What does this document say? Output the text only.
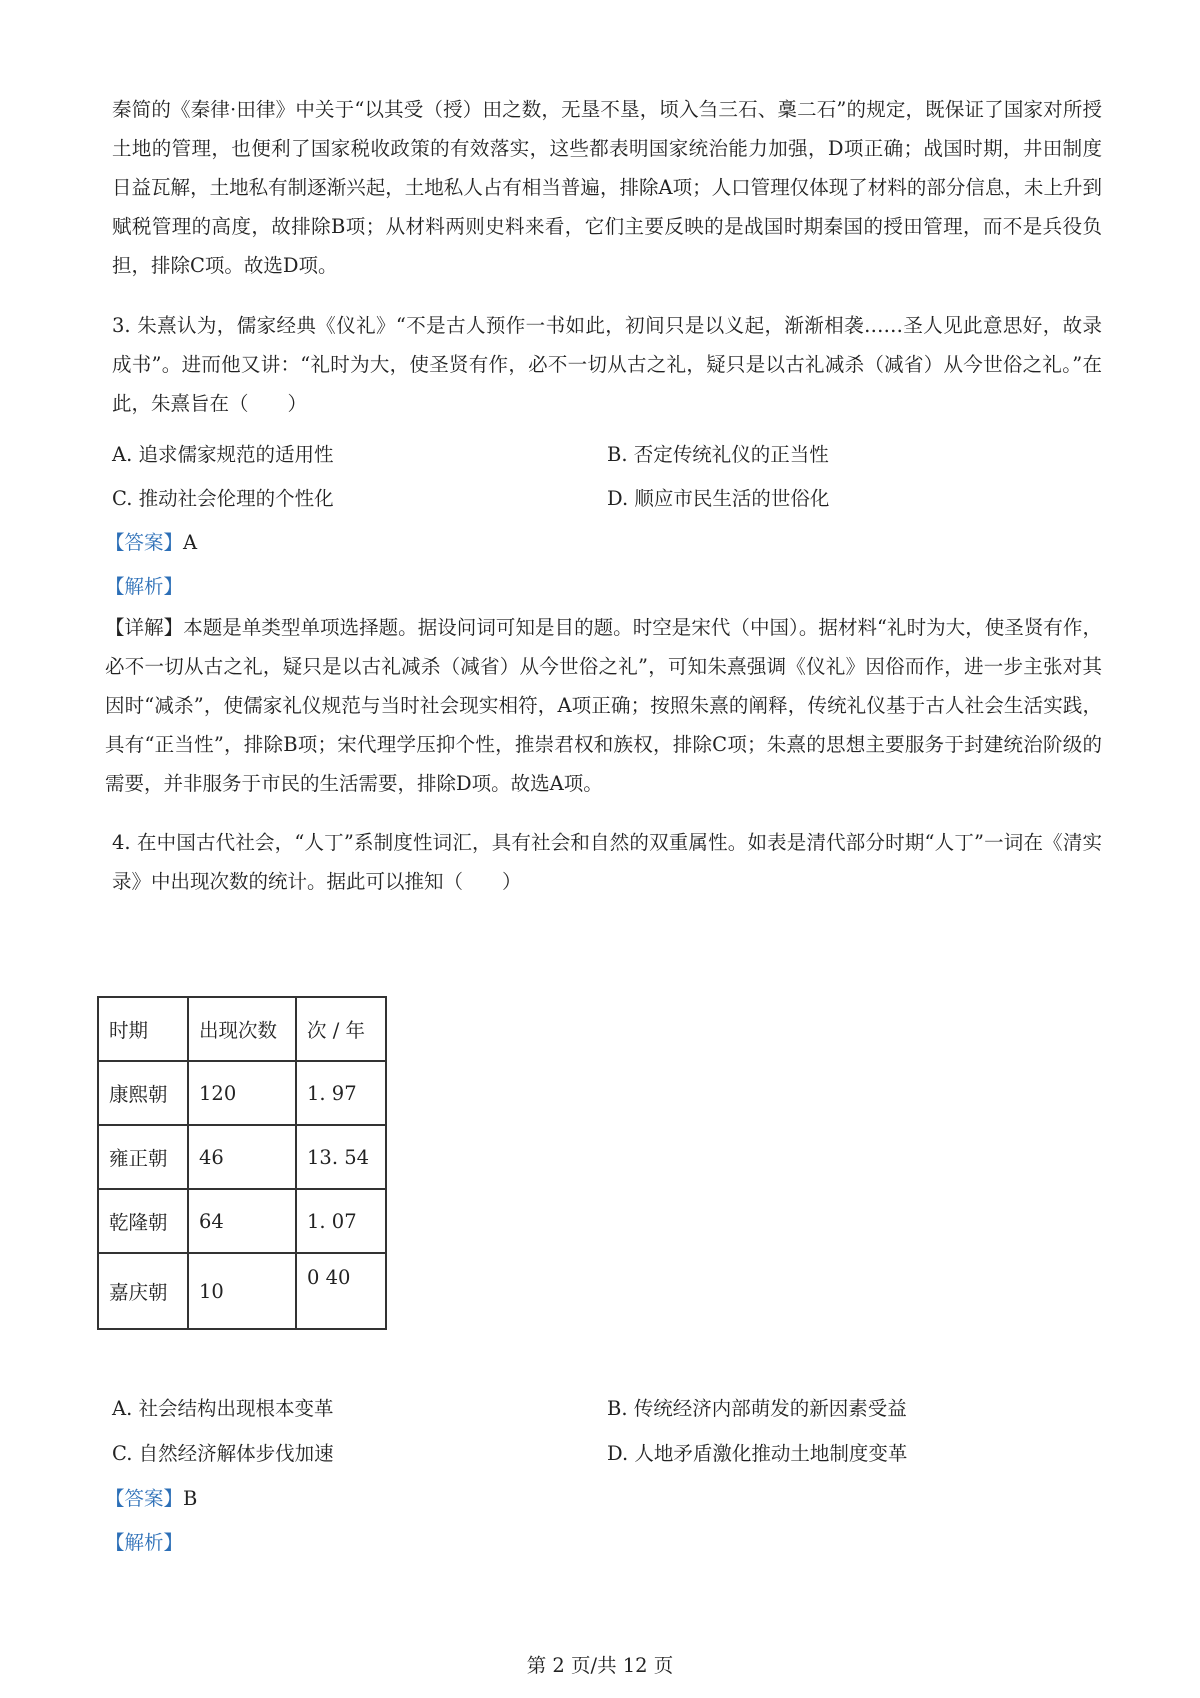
秦简的《秦律·田律》中关于“以其受（授）田之数，无垦不垦，顷入刍三石、稾二石”的规定，既保证了国家对所授土地的管理，也便利了国家税收政策的有效落实，这些都表明国家统治能力加强，D项正确；战国时期，井田制度日益瓦解，土地私有制逐渐兴起，土地私人占有相当普遍，排除A项；人口管理仅体现了材料的部分信息，未上升到赋税管理的高度，故排除B项；从材料两则史料来看，它们主要反映的是战国时期秦国的授田管理，而不是兵役负担，排除C项。故选D项。

3. 朱熹认为，儒家经典《仪礼》“不是古人预作一书如此，初间只是以义起，渐渐相袭……圣人见此意思好，故录成书”。进而他又讲：“礼时为大，使圣贤有作，必不一切从古之礼，疑只是以古礼减杀（减省）从今世俗之礼。”在此，朱熹旨在（　　）

A. 追求儒家规范的适用性	B. 否定传统礼仪的正当性
C. 推动社会伦理的个性化	D. 顺应市民生活的世俗化
【答案】A
【解析】

【详解】本题是单类型单项选择题。据设问词可知是目的题。时空是宋代（中国）。据材料“礼时为大，使圣贤有作，必不一切从古之礼，疑只是以古礼减杀（减省）从今世俗之礼”，可知朱熹强调《仪礼》因俗而作，进一步主张对其因时“减杀”，使儒家礼仪规范与当时社会现实相符，A项正确；按照朱熹的阐释，传统礼仪基于古人社会生活实践，具有“正当性”，排除B项；宋代理学压抑个性，推崇君权和族权，排除C项；朱熹的思想主要服务于封建统治阶级的需要，并非服务于市民的生活需要，排除D项。故选A项。

4. 在中国古代社会，“人丁”系制度性词汇，具有社会和自然的双重属性。如表是清代部分时期“人丁”一词在《清实录》中出现次数的统计。据此可以推知（　　）

时期	出现次数	次 / 年
康熙朝	120	1. 97
雍正朝	46	13. 54
乾隆朝	64	1. 07
嘉庆朝	10	0 40
A. 社会结构出现根本变革	B. 传统经济内部萌发的新因素受益
C. 自然经济解体步伐加速	D. 人地矛盾激化推动土地制度变革
【答案】B
【解析】
第 2 页/共 12 页
